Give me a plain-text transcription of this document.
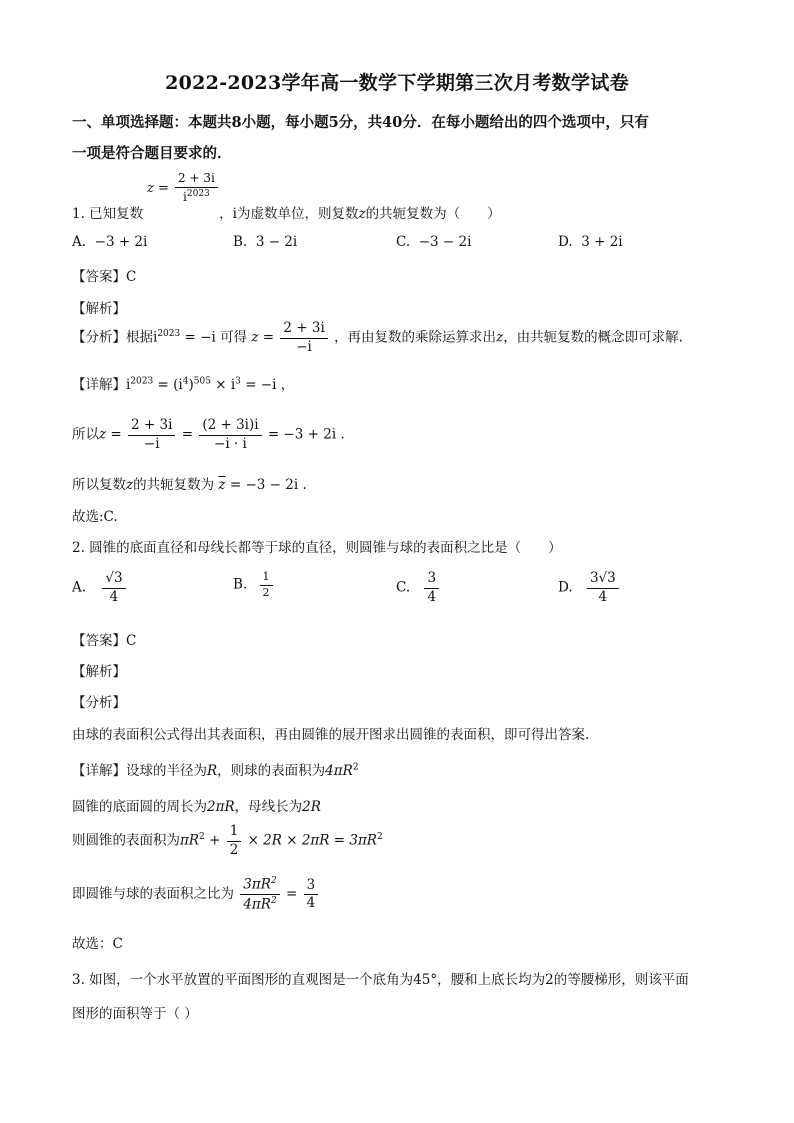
2022-2023学年高一数学下学期第三次月考数学试卷
一、单项选择题：本题共8小题，每小题5分，共40分．在每小题给出的四个选项中，只有
一项是符合题目要求的．
$z = \frac{2 + 3i}{i^{2023}}$
1. 已知复数	，i为虚数单位，则复数z的共轭复数为（　　）
A. −3 + 2i	B. 3 − 2i	C. −3 − 2i	D. 3 + 2i
【答案】C
【解析】
【分析】根据$i^{2023} = -i$ 可得 $z = \frac{2 + 3i}{-i}$ ，再由复数的乘除运算求出z，由共轭复数的概念即可求解.
【详解】$i^{2023} = (i^4)^{505} \times i^3 = -i$ ，
所以$z = \frac{2 + 3i}{-i} = \frac{(2 + 3i)i}{-i \cdot i} = -3 + 2i$ .
所以复数z的共轭复数为 $\overline{z} = -3 - 2i$ .
故选:C.
2. 圆锥的底面直径和母线长都等于球的直径，则圆锥与球的表面积之比是（　　）
A. $\frac{√3}{4}$	B. $\frac{1}{2}$	C. $\frac{3}{4}$	D. $\frac{3√3}{4}$
【答案】C
【解析】
【分析】
由球的表面积公式得出其表面积，再由圆锥的展开图求出圆锥的表面积，即可得出答案.
【详解】设球的半径为R，则球的表面积为$4\pi R^2$
圆锥的底面圆的周长为2πR，母线长为2R
则圆锥的表面积为$\pi R^2 + \frac{1}{2} \times 2R \times 2\pi R = 3\pi R^2$
即圆锥与球的表面积之比为 $\frac{3\pi R^2}{4\pi R^2} = \frac{3}{4}$
故选：C
3. 如图，一个水平放置的平面图形的直观图是一个底角为45°，腰和上底长均为2的等腰梯形，则该平面
图形的面积等于（ ）
